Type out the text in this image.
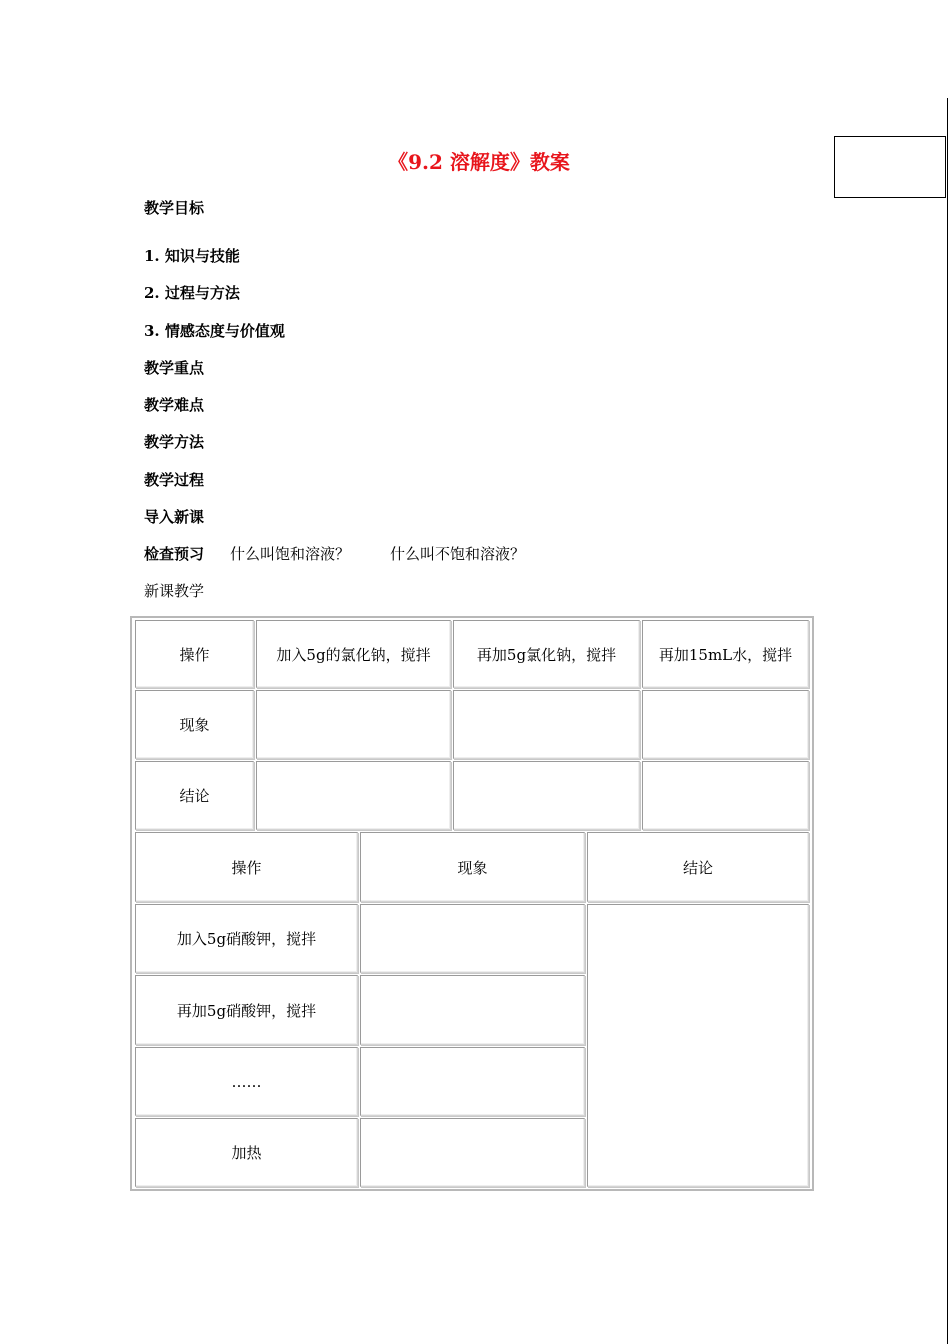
《9.2 溶解度》教案
教学目标
1. 知识与技能
2. 过程与方法
3. 情感态度与价值观
教学重点
教学难点
教学方法
教学过程
导入新课
检查预习 什么叫饱和溶液？	什么叫不饱和溶液？
新课教学
操作	加入5g的氯化钠，搅拌	再加5g氯化钠，搅拌	再加15mL水，搅拌
现象
结论
操作	现象	结论
加入5g硝酸钾，搅拌
再加5g硝酸钾，搅拌
……
加热
